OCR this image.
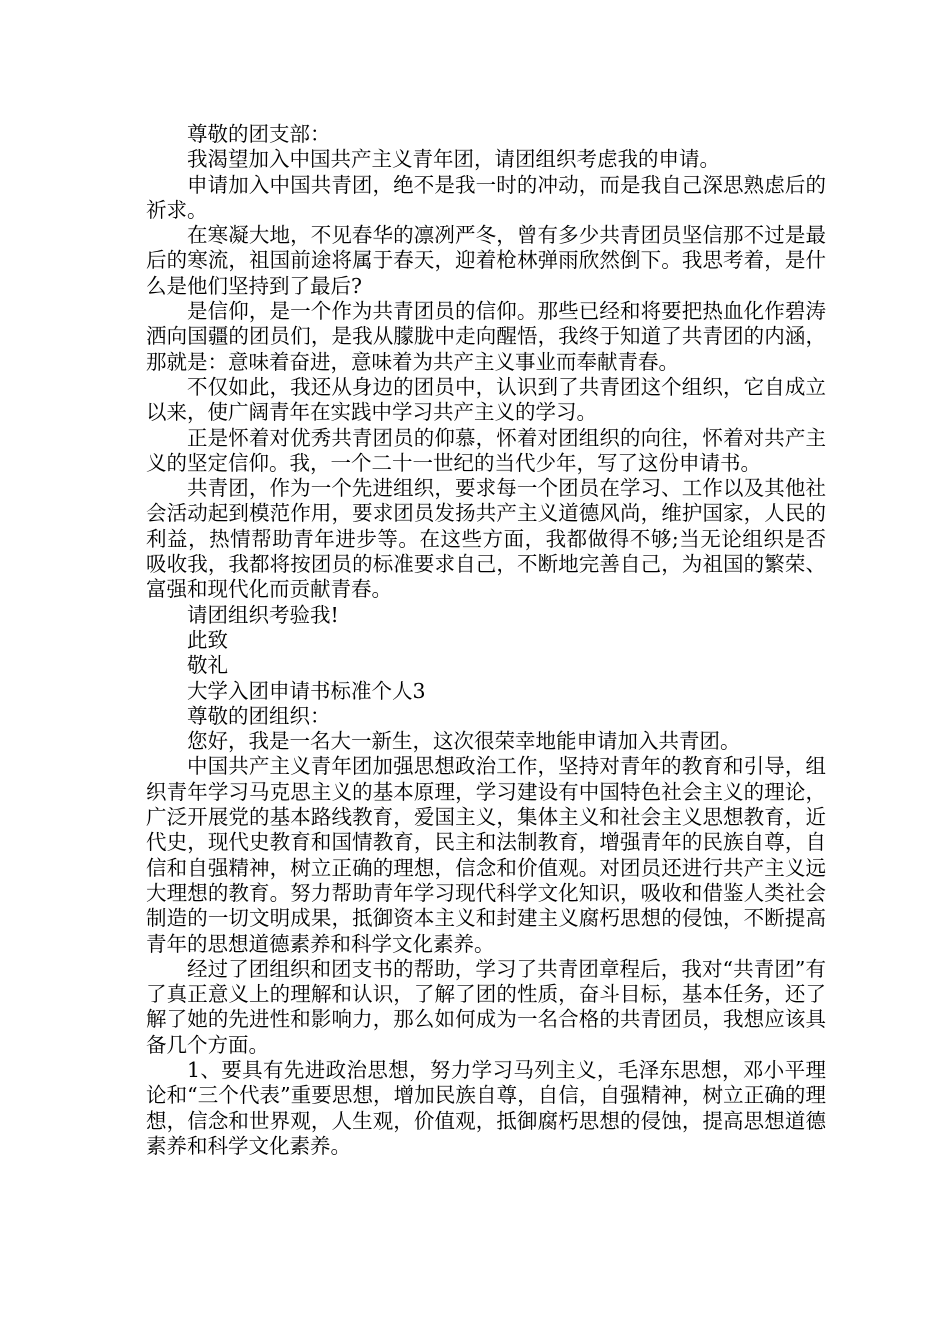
尊敬的团支部：

我渴望加入中国共产主义青年团，请团组织考虑我的申请。

申请加入中国共青团，绝不是我一时的冲动，而是我自己深思熟虑后的祈求。

在寒凝大地，不见春华的凛冽严冬，曾有多少共青团员坚信那不过是最后的寒流，祖国前途将属于春天，迎着枪林弹雨欣然倒下。我思考着，是什么是他们坚持到了最后?

是信仰，是一个作为共青团员的信仰。那些已经和将要把热血化作碧涛洒向国疆的团员们，是我从朦胧中走向醒悟，我终于知道了共青团的内涵，那就是：意味着奋进，意味着为共产主义事业而奉献青春。

不仅如此，我还从身边的团员中，认识到了共青团这个组织，它自成立以来，使广阔青年在实践中学习共产主义的学习。

正是怀着对优秀共青团员的仰慕，怀着对团组织的向往，怀着对共产主义的坚定信仰。我，一个二十一世纪的当代少年，写了这份申请书。

共青团，作为一个先进组织，要求每一个团员在学习、工作以及其他社会活动起到模范作用，要求团员发扬共产主义道德风尚，维护国家，人民的利益，热情帮助青年进步等。在这些方面，我都做得不够;当无论组织是否吸收我，我都将按团员的标准要求自己，不断地完善自己，为祖国的繁荣、富强和现代化而贡献青春。

请团组织考验我!

此致

敬礼

大学入团申请书标准个人3

尊敬的团组织：

您好，我是一名大一新生，这次很荣幸地能申请加入共青团。

中国共产主义青年团加强思想政治工作，坚持对青年的教育和引导，组织青年学习马克思主义的基本原理，学习建设有中国特色社会主义的理论，广泛开展党的基本路线教育，爱国主义，集体主义和社会主义思想教育，近代史，现代史教育和国情教育，民主和法制教育，增强青年的民族自尊，自信和自强精神，树立正确的理想，信念和价值观。对团员还进行共产主义远大理想的教育。努力帮助青年学习现代科学文化知识，吸收和借鉴人类社会制造的一切文明成果，抵御资本主义和封建主义腐朽思想的侵蚀，不断提高青年的思想道德素养和科学文化素养。

经过了团组织和团支书的帮助，学习了共青团章程后，我对“共青团”有了真正意义上的理解和认识，了解了团的性质，奋斗目标，基本任务，还了解了她的先进性和影响力，那么如何成为一名合格的共青团员，我想应该具备几个方面。

1、要具有先进政治思想，努力学习马列主义，毛泽东思想，邓小平理论和“三个代表”重要思想，增加民族自尊，自信，自强精神，树立正确的理想，信念和世界观，人生观，价值观，抵御腐朽思想的侵蚀，提高思想道德素养和科学文化素养。
